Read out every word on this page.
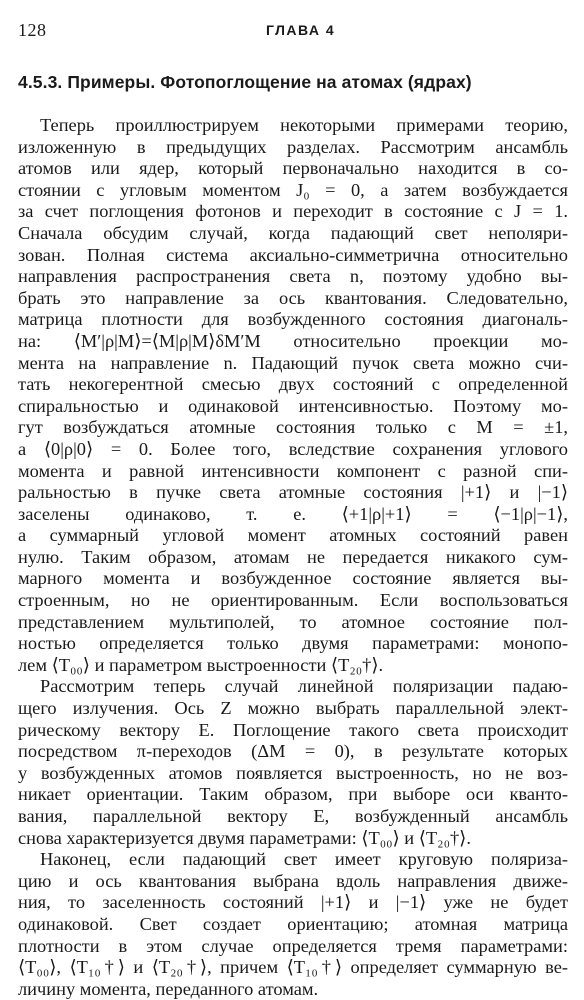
128	ГЛАВА 4
4.5.3. Примеры. Фотопоглощение на атомах (ядрах)
Теперь проиллюстрируем некоторыми примерами теорию,
изложенную в предыдущих разделах. Рассмотрим ансамбль
атомов или ядер, который первоначально находится в со-
стоянии с угловым моментом J₀ = 0, а затем возбуждается
за счет поглощения фотонов и переходит в состояние с J = 1.
Сначала обсудим случай, когда падающий свет неполяри-
зован. Полная система аксиально-симметрична относительно
направления распространения света n, поэтому удобно вы-
брать это направление за ось квантования. Следовательно,
матрица плотности для возбужденного состояния диагональ-
на: ⟨M′|ρ|M⟩=⟨M|ρ|M⟩δM′M относительно проекции мо-
мента на направление n. Падающий пучок света можно счи-
тать некогерентной смесью двух состояний с определенной
спиральностью и одинаковой интенсивностью. Поэтому мо-
гут возбуждаться атомные состояния только с M = ±1,
а ⟨0|ρ|0⟩ = 0. Более того, вследствие сохранения углового
момента и равной интенсивности компонент с разной спи-
ральностью в пучке света атомные состояния |+1⟩ и |−1⟩
заселены одинаково, т. е. ⟨+1|ρ|+1⟩ = ⟨−1|ρ|−1⟩,
а суммарный угловой момент атомных состояний равен
нулю. Таким образом, атомам не передается никакого сум-
марного момента и возбужденное состояние является вы-
строенным, но не ориентированным. Если воспользоваться
представлением мультиполей, то атомное состояние пол-
ностью определяется только двумя параметрами: монопо-
лем ⟨T₀₀⟩ и параметром выстроенности ⟨T₂₀†⟩.
Рассмотрим теперь случай линейной поляризации падаю-
щего излучения. Ось Z можно выбрать параллельной элект-
рическому вектору E. Поглощение такого света происходит
посредством π-переходов (ΔM = 0), в результате которых
у возбужденных атомов появляется выстроенность, но не воз-
никает ориентации. Таким образом, при выборе оси кванто-
вания, параллельной вектору E, возбужденный ансамбль
снова характеризуется двумя параметрами: ⟨T₀₀⟩ и ⟨T₂₀†⟩.
Наконец, если падающий свет имеет круговую поляриза-
цию и ось квантования выбрана вдоль направления движе-
ния, то заселенность состояний |+1⟩ и |−1⟩ уже не будет
одинаковой. Свет создает ориентацию; атомная матрица
плотности в этом случае определяется тремя параметрами:
⟨T₀₀⟩, ⟨T₁₀†⟩ и ⟨T₂₀†⟩, причем ⟨T₁₀†⟩ определяет суммарную ве-
личину момента, переданного атомам.
